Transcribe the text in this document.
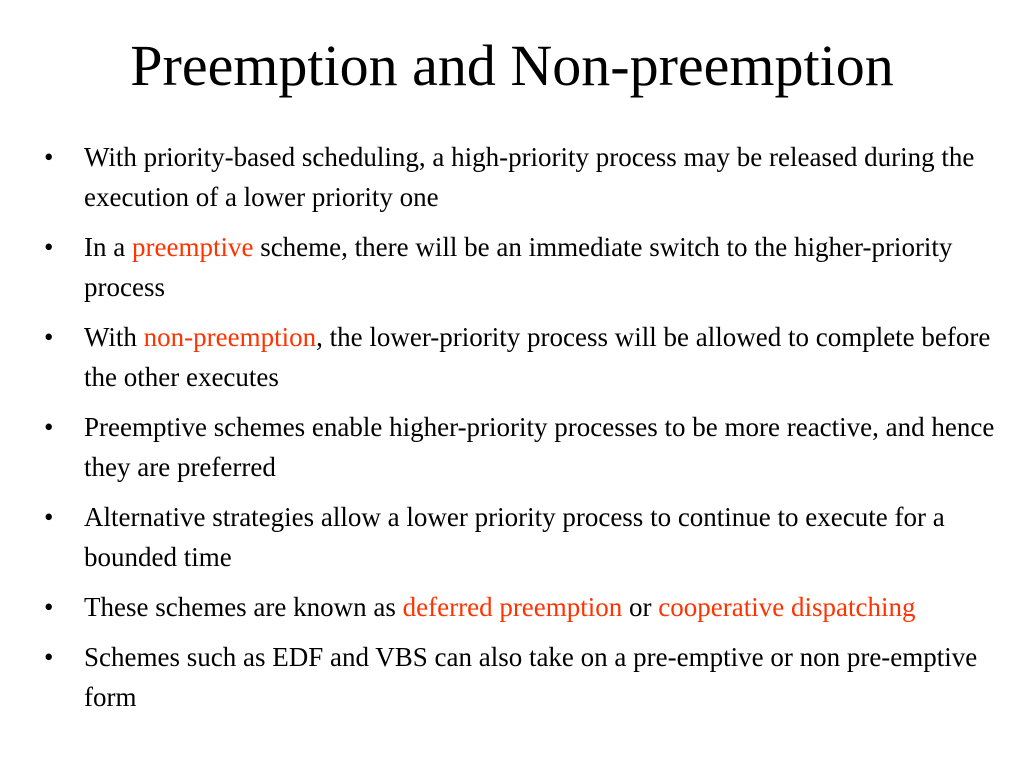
Preemption and Non-preemption
• With priority-based scheduling, a high-priority process may be released during the execution of a lower priority one
• In a preemptive scheme, there will be an immediate switch to the higher-priority process
• With non-preemption, the lower-priority process will be allowed to complete before the other executes
• Preemptive schemes enable higher-priority processes to be more reactive, and hence they are preferred
• Alternative strategies allow a lower priority process to continue to execute for a bounded time
• These schemes are known as deferred preemption or cooperative dispatching
• Schemes such as EDF and VBS can also take on a pre-emptive or non pre-emptive form
